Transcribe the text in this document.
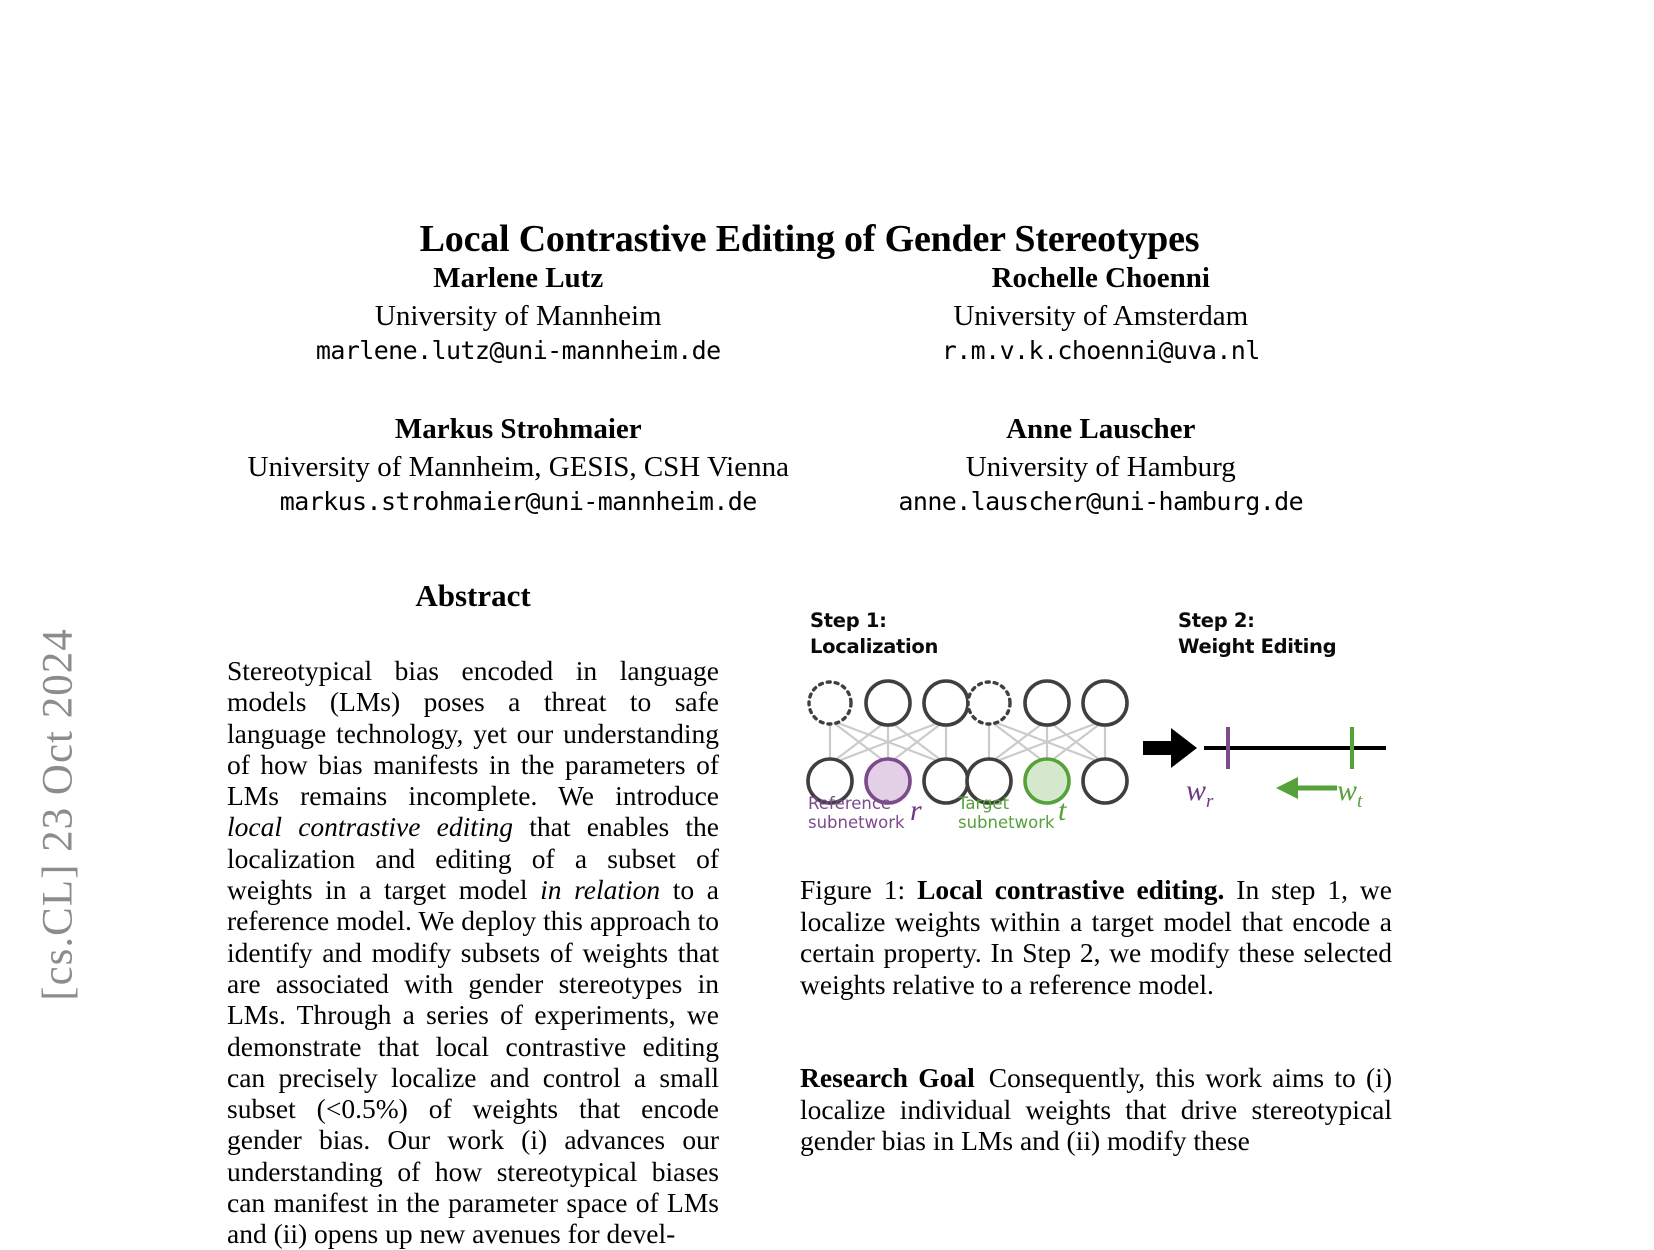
[cs.CL] 23 Oct 2024
Local Contrastive Editing of Gender Stereotypes
Marlene Lutz
University of Mannheim
marlene.lutz@uni-mannheim.de
Rochelle Choenni
University of Amsterdam
r.m.v.k.choenni@uva.nl
Markus Strohmaier
University of Mannheim, GESIS, CSH Vienna
markus.strohmaier@uni-mannheim.de
Anne Lauscher
University of Hamburg
anne.lauscher@uni-hamburg.de
Abstract
Stereotypical bias encoded in language models (LMs) poses a threat to safe language technology, yet our understanding of how bias manifests in the parameters of LMs remains incomplete. We introduce local contrastive editing that enables the localization and editing of a subset of weights in a target model in relation to a reference model. We deploy this approach to identify and modify subsets of weights that are associated with gender stereotypes in LMs. Through a series of experiments, we demonstrate that local contrastive editing can precisely localize and control a small subset (<0.5%) of weights that encode gender bias. Our work (i) advances our understanding of how stereotypical biases can manifest in the parameter space of LMs and (ii) opens up new avenues for devel-
Step 1:
Localization
Step 2:
Weight Editing
$w_r$	$w_t$
Reference
subnetwork r Target
subnetwork t
Figure 1: Local contrastive editing. In step 1, we localize weights within a target model that encode a certain property. In Step 2, we modify these selected weights relative to a reference model.
Research Goal Consequently, this work aims to (i) localize individual weights that drive stereotypical gender bias in LMs and (ii) modify these
